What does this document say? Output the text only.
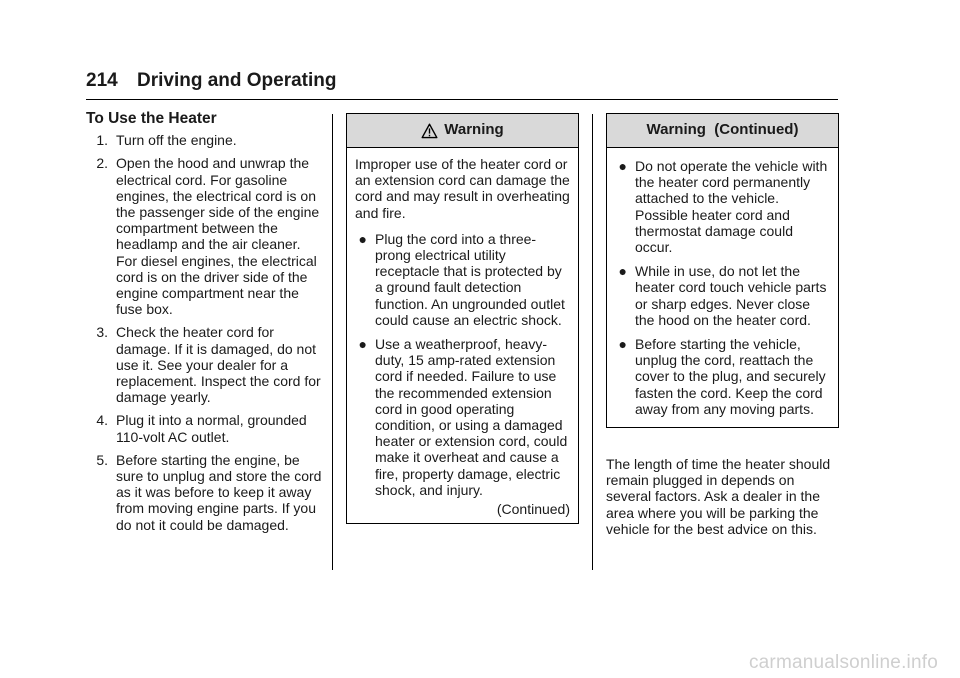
214 Driving and Operating
To Use the Heater
1. Turn off the engine.
2. Open the hood and unwrap the electrical cord. For gasoline engines, the electrical cord is on the passenger side of the engine compartment between the headlamp and the air cleaner. For diesel engines, the electrical cord is on the driver side of the engine compartment near the fuse box.
3. Check the heater cord for damage. If it is damaged, do not use it. See your dealer for a replacement. Inspect the cord for damage yearly.
4. Plug it into a normal, grounded 110-volt AC outlet.
5. Before starting the engine, be sure to unplug and store the cord as it was before to keep it away from moving engine parts. If you do not it could be damaged.
Warning
Improper use of the heater cord or an extension cord can damage the cord and may result in overheating and fire.
● Plug the cord into a three-prong electrical utility receptacle that is protected by a ground fault detection function. An ungrounded outlet could cause an electric shock.
● Use a weatherproof, heavy-duty, 15 amp-rated extension cord if needed. Failure to use the recommended extension cord in good operating condition, or using a damaged heater or extension cord, could make it overheat and cause a fire, property damage, electric shock, and injury.
(Continued)
Warning  (Continued)
● Do not operate the vehicle with the heater cord permanently attached to the vehicle. Possible heater cord and thermostat damage could occur.
● While in use, do not let the heater cord touch vehicle parts or sharp edges. Never close the hood on the heater cord.
● Before starting the vehicle, unplug the cord, reattach the cover to the plug, and securely fasten the cord. Keep the cord away from any moving parts.
The length of time the heater should remain plugged in depends on several factors. Ask a dealer in the area where you will be parking the vehicle for the best advice on this.
carmanualsonline.info
